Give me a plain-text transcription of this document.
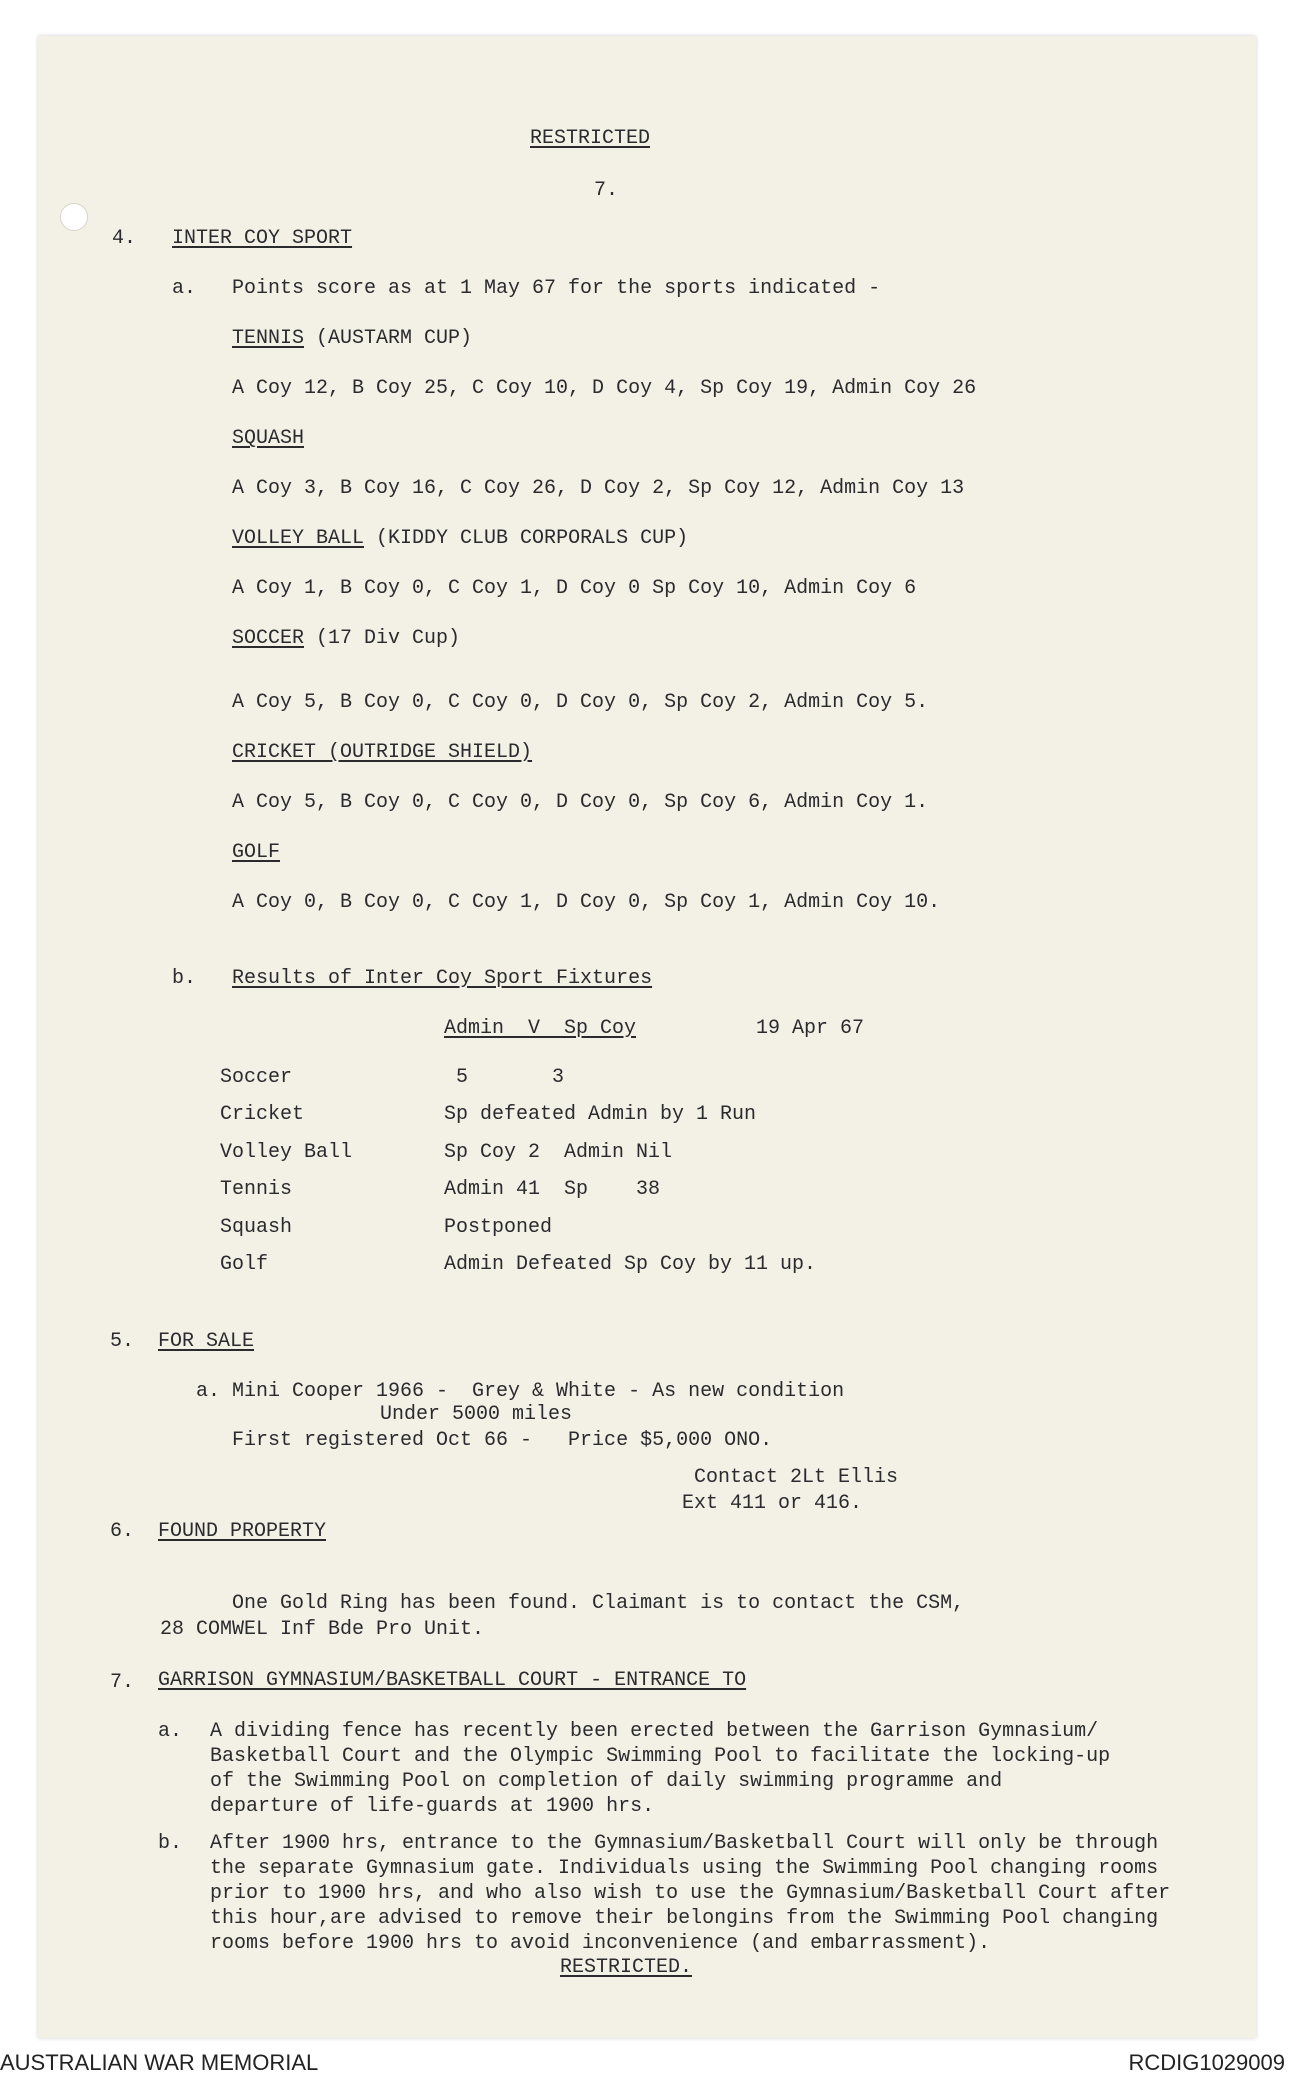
RESTRICTED
7.
4. INTER COY SPORT
a. Points score as at 1 May 67 for the sports indicated -
TENNIS (AUSTARM CUP)
A Coy 12, B Coy 25, C Coy 10, D Coy 4, Sp Coy 19, Admin Coy 26
SQUASH
A Coy 3, B Coy 16, C Coy 26, D Coy 2, Sp Coy 12, Admin Coy 13
VOLLEY BALL (KIDDY CLUB CORPORALS CUP)
A Coy 1, B Coy 0, C Coy 1, D Coy 0 Sp Coy 10, Admin Coy 6
SOCCER (17 Div Cup)
A Coy 5, B Coy 0, C Coy 0, D Coy 0, Sp Coy 2, Admin Coy 5.
CRICKET (OUTRIDGE SHIELD)
A Coy 5, B Coy 0, C Coy 0, D Coy 0, Sp Coy 6, Admin Coy 1.
GOLF
A Coy 0, B Coy 0, C Coy 1, D Coy 0, Sp Coy 1, Admin Coy 10.
b. Results of Inter Coy Sport Fixtures
Admin  V  Sp Coy	19 Apr 67
Soccer	5       3
Cricket	Sp defeated Admin by 1 Run
Volley Ball	Sp Coy 2  Admin Nil
Tennis	Admin 41  Sp    38
Squash	Postponed
Golf	Admin Defeated Sp Coy by 11 up.
5. FOR SALE
a. Mini Cooper 1966 -  Grey & White - As new condition
Under 5000 miles
First registered Oct 66 -   Price $5,000 ONO.
Contact 2Lt Ellis
Ext 411 or 416.
6. FOUND PROPERTY
One Gold Ring has been found. Claimant is to contact the CSM,
28 COMWEL Inf Bde Pro Unit.
7. GARRISON GYMNASIUM/BASKETBALL COURT - ENTRANCE TO
a. A dividing fence has recently been erected between the Garrison Gymnasium/
Basketball Court and the Olympic Swimming Pool to facilitate the locking-up
of the Swimming Pool on completion of daily swimming programme and
departure of life-guards at 1900 hrs.
b. After 1900 hrs, entrance to the Gymnasium/Basketball Court will only be through
the separate Gymnasium gate. Individuals using the Swimming Pool changing rooms
prior to 1900 hrs, and who also wish to use the Gymnasium/Basketball Court after
this hour,are advised to remove their belongins from the Swimming Pool changing
rooms before 1900 hrs to avoid inconvenience (and embarrassment).
RESTRICTED.
AUSTRALIAN WAR MEMORIAL	RCDIG1029009
